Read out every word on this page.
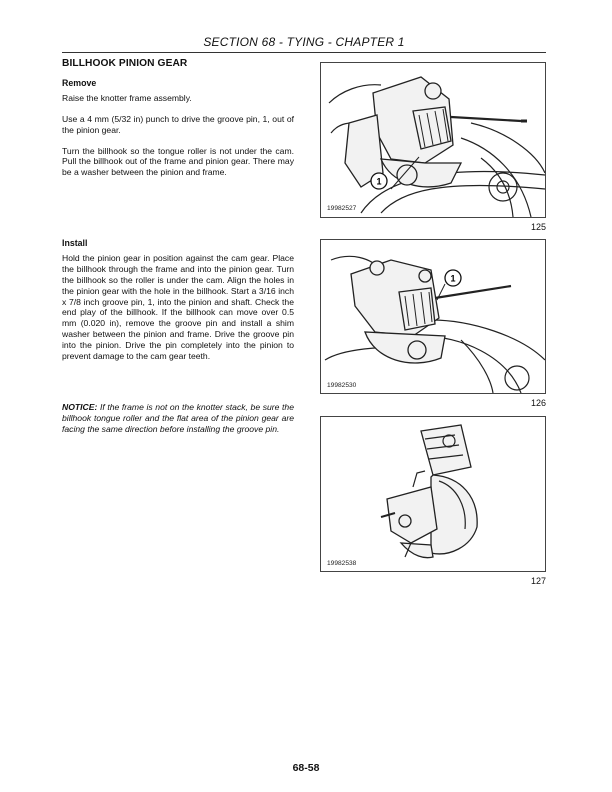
SECTION 68 - TYING - CHAPTER 1

BILLHOOK PINION GEAR

Remove

Raise the knotter frame assembly.

Use a 4 mm (5/32 in) punch to drive the groove pin, 1, out of the pinion gear.

Turn the billhook so the tongue roller is not under the cam. Pull the billhook out of the frame and pinion gear. There may be a washer between the pinion and frame.

Install

Hold the pinion gear in position against the cam gear. Place the billhook through the frame and into the pinion gear. Turn the billhook so the roller is under the cam. Align the holes in the pinion gear with the hole in the billhook. Start a 3/16 inch x 7/8 inch groove pin, 1, into the pinion and shaft. Check the end play of the billhook. If the billhook can move over 0.5 mm (0.020 in), remove the groove pin and install a shim washer between the pinion and frame. Drive the groove pin into the pinion. Drive the pin completely into the pinion to prevent damage to the cam gear teeth.

NOTICE: If the frame is not on the knotter stack, be sure the billhook tongue roller and the flat area of the pinion gear are facing the same direction before installing the groove pin.

1
19982527
125
1
19982530
126
19982538
127
68-58
